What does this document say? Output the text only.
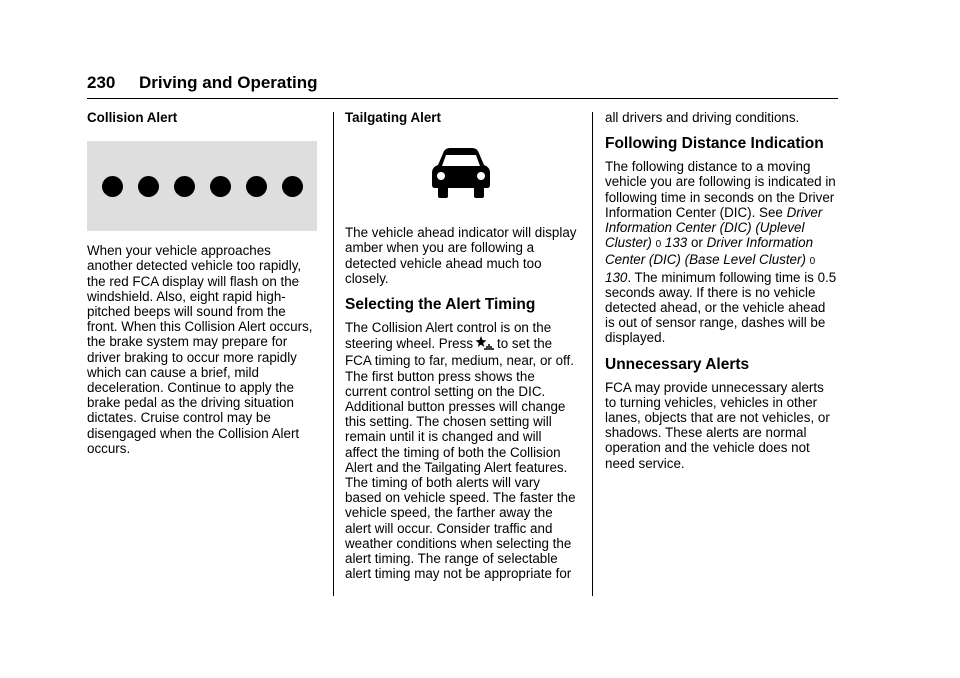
230 Driving and Operating

Collision Alert

When your vehicle approaches another detected vehicle too rapidly, the red FCA display will flash on the windshield. Also, eight rapid high-pitched beeps will sound from the front. When this Collision Alert occurs, the brake system may prepare for driver braking to occur more rapidly which can cause a brief, mild deceleration. Continue to apply the brake pedal as the driving situation dictates. Cruise control may be disengaged when the Collision Alert occurs.

Tailgating Alert

The vehicle ahead indicator will display amber when you are following a detected vehicle ahead much too closely.

Selecting the Alert Timing

The Collision Alert control is on the steering wheel. Press to set the FCA timing to far, medium, near, or off. The first button press shows the current control setting on the DIC. Additional button presses will change this setting. The chosen setting will remain until it is changed and will affect the timing of both the Collision Alert and the Tailgating Alert features. The timing of both alerts will vary based on vehicle speed. The faster the vehicle speed, the farther away the alert will occur. Consider traffic and weather conditions when selecting the alert timing. The range of selectable alert timing may not be appropriate for

all drivers and driving conditions.

Following Distance Indication

The following distance to a moving vehicle you are following is indicated in following time in seconds on the Driver Information Center (DIC). See Driver Information Center (DIC) (Uplevel Cluster) 0 133 or Driver Information Center (DIC) (Base Level Cluster) 0 130. The minimum following time is 0.5 seconds away. If there is no vehicle detected ahead, or the vehicle ahead is out of sensor range, dashes will be displayed.

Unnecessary Alerts

FCA may provide unnecessary alerts to turning vehicles, vehicles in other lanes, objects that are not vehicles, or shadows. These alerts are normal operation and the vehicle does not need service.
